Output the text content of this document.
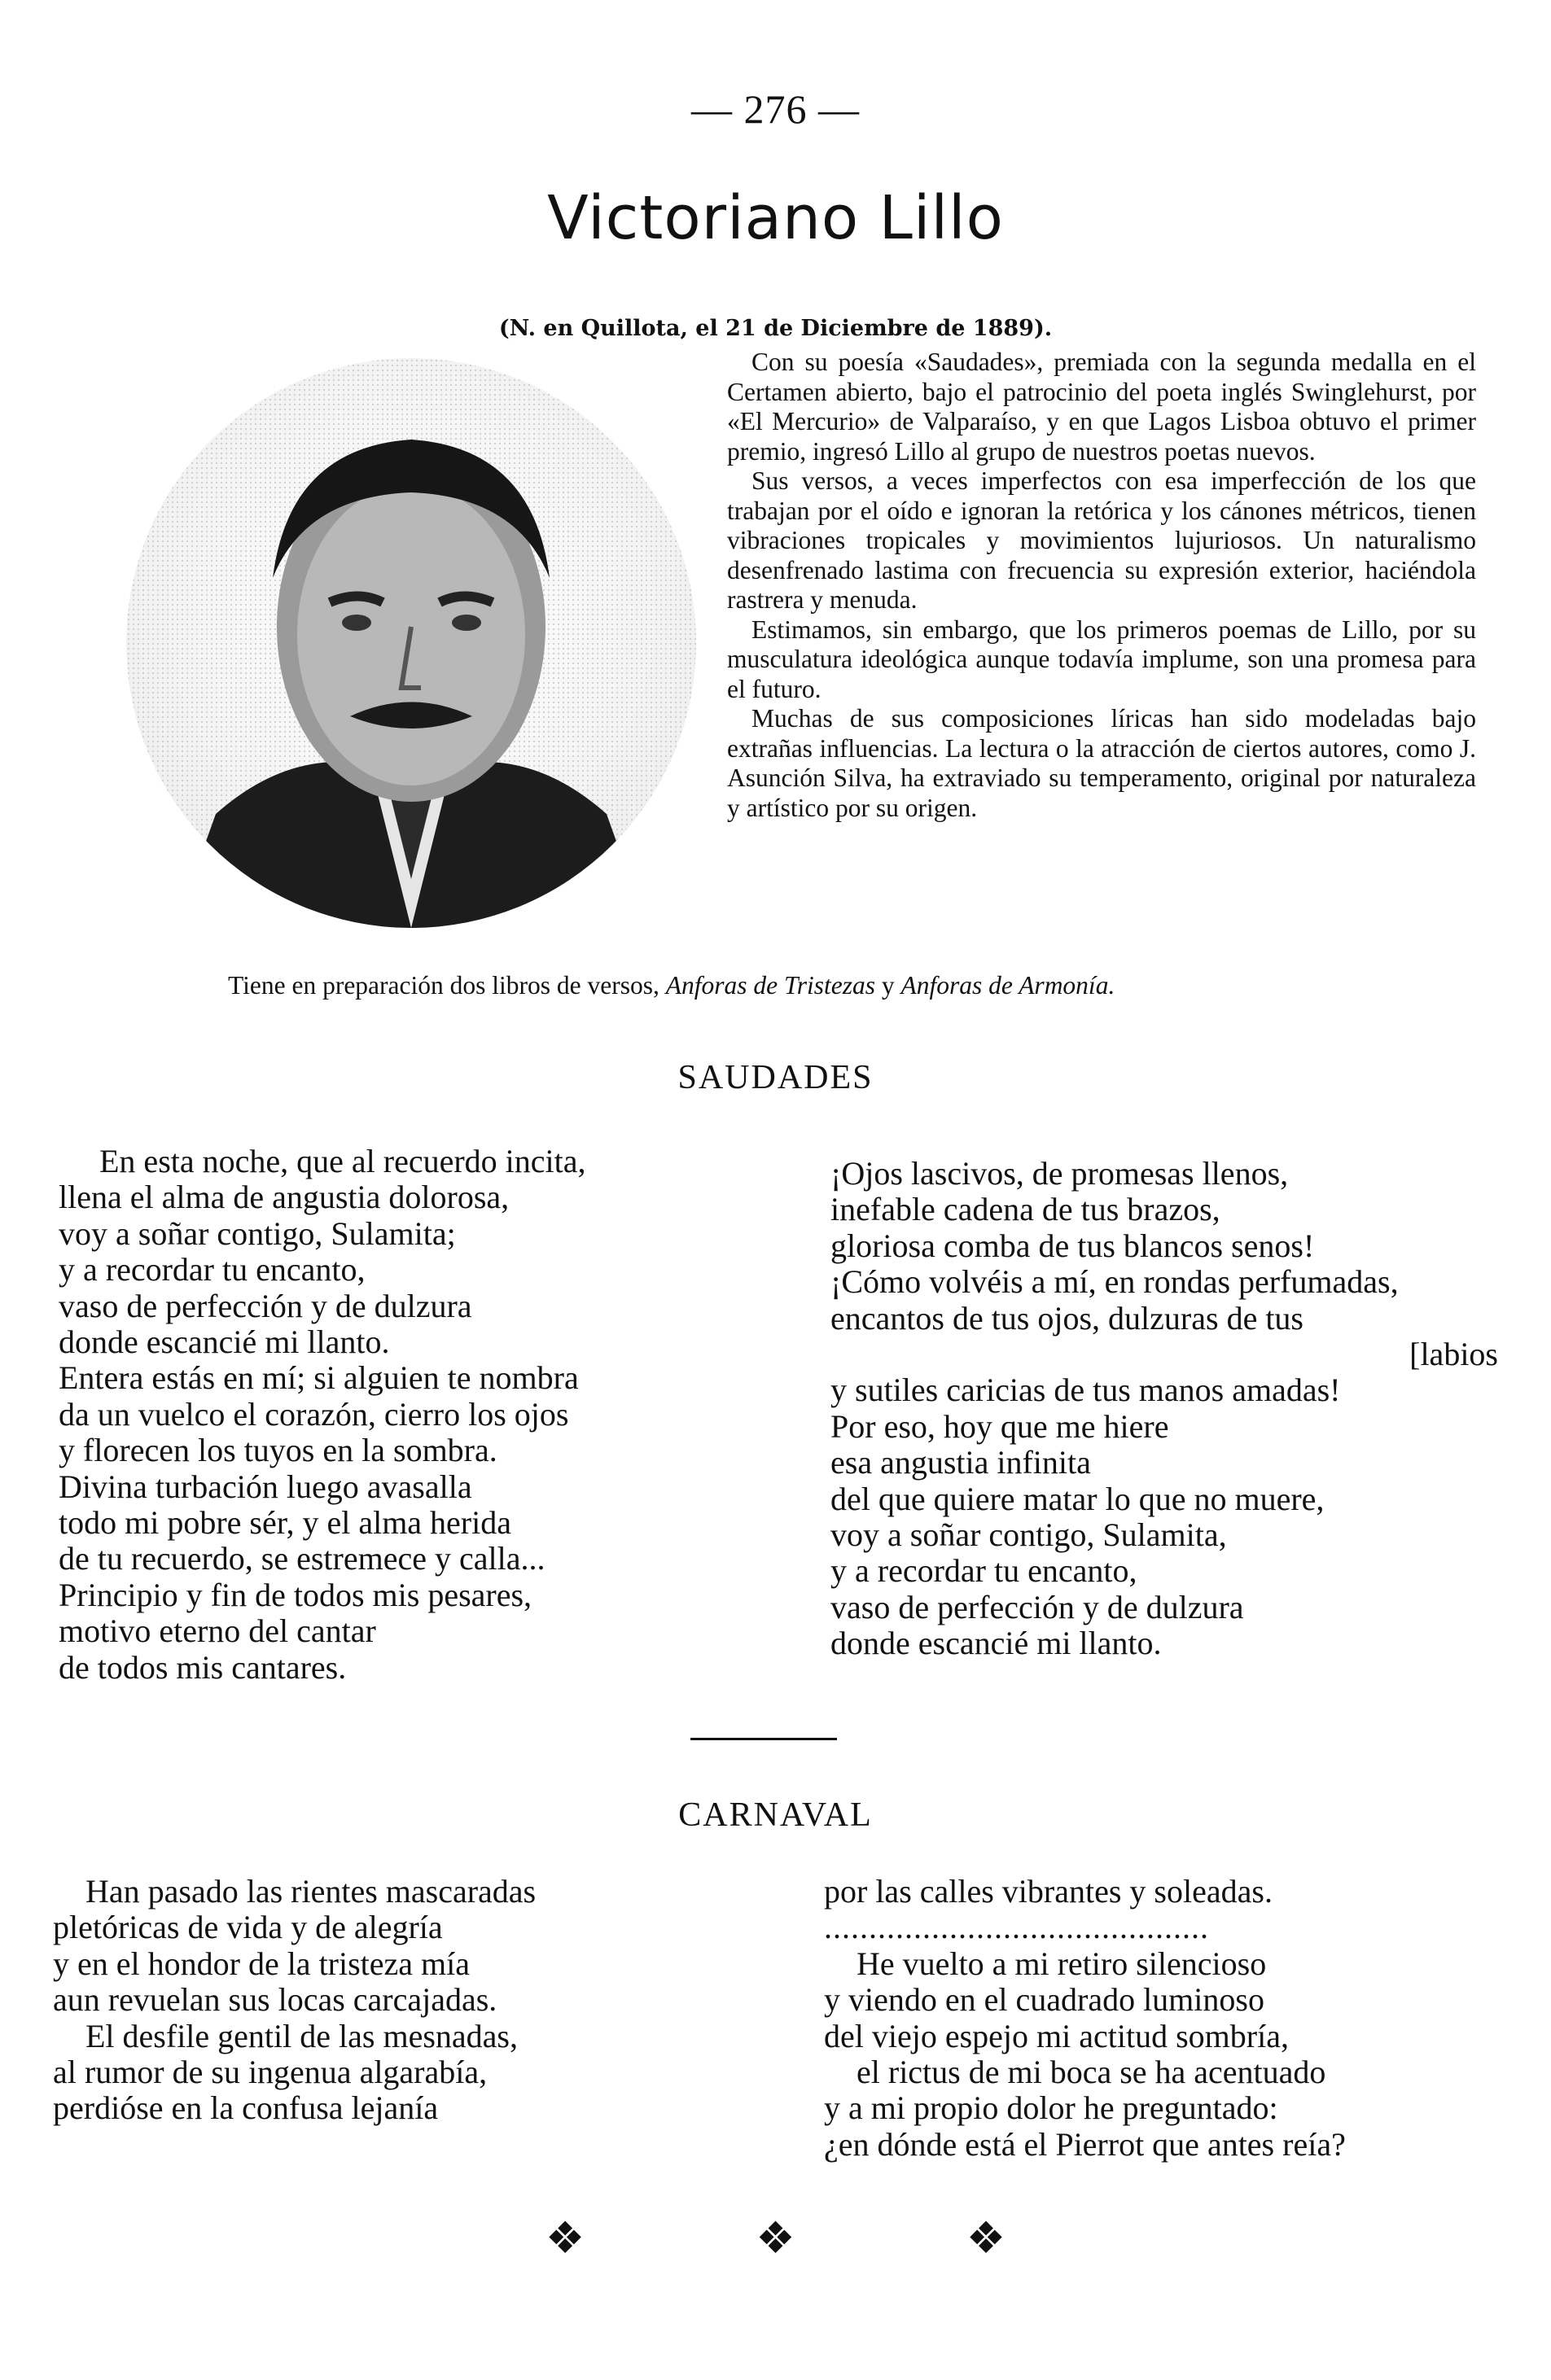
— 276 —
Victoriano Lillo
(N. en Quillota, el 21 de Diciembre de 1889).

Con su poesía «Saudades», premiada con la segunda medalla en el Certamen abierto, bajo el patrocinio del poeta inglés Swinglehurst, por «El Mercurio» de Valparaíso, y en que Lagos Lisboa obtuvo el primer premio, ingresó Lillo al grupo de nuestros poetas nuevos.

Sus versos, a veces imperfectos con esa imperfección de los que trabajan por el oído e ignoran la retórica y los cánones métricos, tienen vibraciones tropicales y movimientos lujuriosos. Un naturalismo desenfrenado lastima con frecuencia su expresión exterior, haciéndola rastrera y menuda.

Estimamos, sin embargo, que los primeros poemas de Lillo, por su musculatura ideológica aunque todavía implume, son una promesa para el futuro.

Muchas de sus composiciones líricas han sido modeladas bajo extrañas influencias. La lectura o la atracción de ciertos autores, como J. Asunción Silva, ha extraviado su temperamento, original por naturaleza y artístico por su origen.

Tiene en preparación dos libros de versos, Anforas de Tristezas y Anforas de Armonía.
SAUDADES
En esta noche, que al recuerdo incita,
llena el alma de angustia dolorosa,
voy a soñar contigo, Sulamita;
y a recordar tu encanto,
vaso de perfección y de dulzura
donde escancié mi llanto.
Entera estás en mí; si alguien te nombra
da un vuelco el corazón, cierro los ojos
y florecen los tuyos en la sombra.
Divina turbación luego avasalla
todo mi pobre sér, y el alma herida
de tu recuerdo, se estremece y calla...
Principio y fin de todos mis pesares,
motivo eterno del cantar
de todos mis cantares.
¡Ojos lascivos, de promesas llenos,
inefable cadena de tus brazos,
gloriosa comba de tus blancos senos!
¡Cómo volvéis a mí, en rondas perfumadas,
encantos de tus ojos, dulzuras de tus
[labios
y sutiles caricias de tus manos amadas!
Por eso, hoy que me hiere
esa angustia infinita
del que quiere matar lo que no muere,
voy a soñar contigo, Sulamita,
y a recordar tu encanto,
vaso de perfección y de dulzura
donde escancié mi llanto.
CARNAVAL
Han pasado las rientes mascaradas
pletóricas de vida y de alegría
y en el hondor de la tristeza mía
aun revuelan sus locas carcajadas.
El desfile gentil de las mesnadas,
al rumor de su ingenua algarabía,
perdióse en la confusa lejanía
por las calles vibrantes y soleadas.
...........................................
He vuelto a mi retiro silencioso
y viendo en el cuadrado luminoso
del viejo espejo mi actitud sombría,
el rictus de mi boca se ha acentuado
y a mi propio dolor he preguntado:
¿en dónde está el Pierrot que antes reía?
❖	❖	❖
